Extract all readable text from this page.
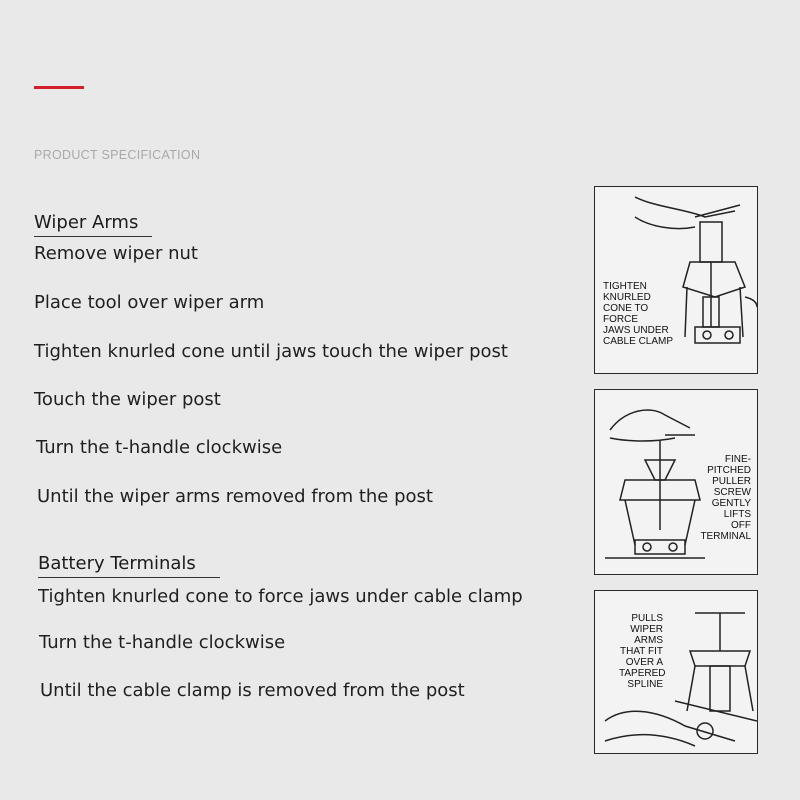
PRODUCT SPECIFICATION
Wiper Arms
Remove wiper nut
Place tool over wiper arm
Tighten knurled cone until jaws touch the wiper post
Touch the wiper post
Turn the t-handle clockwise
Until the wiper arms removed from the post
Battery Terminals
Tighten knurled cone to force jaws under cable clamp
Turn the t-handle clockwise
Until the cable clamp is removed from the post
TIGHTEN
KNURLED
CONE TO
FORCE
JAWS UNDER
CABLE CLAMP
FINE-
PITCHED
PULLER
SCREW
GENTLY
LIFTS
OFF
TERMINAL
PULLS
WIPER
ARMS
THAT FIT
OVER A
TAPERED
SPLINE
